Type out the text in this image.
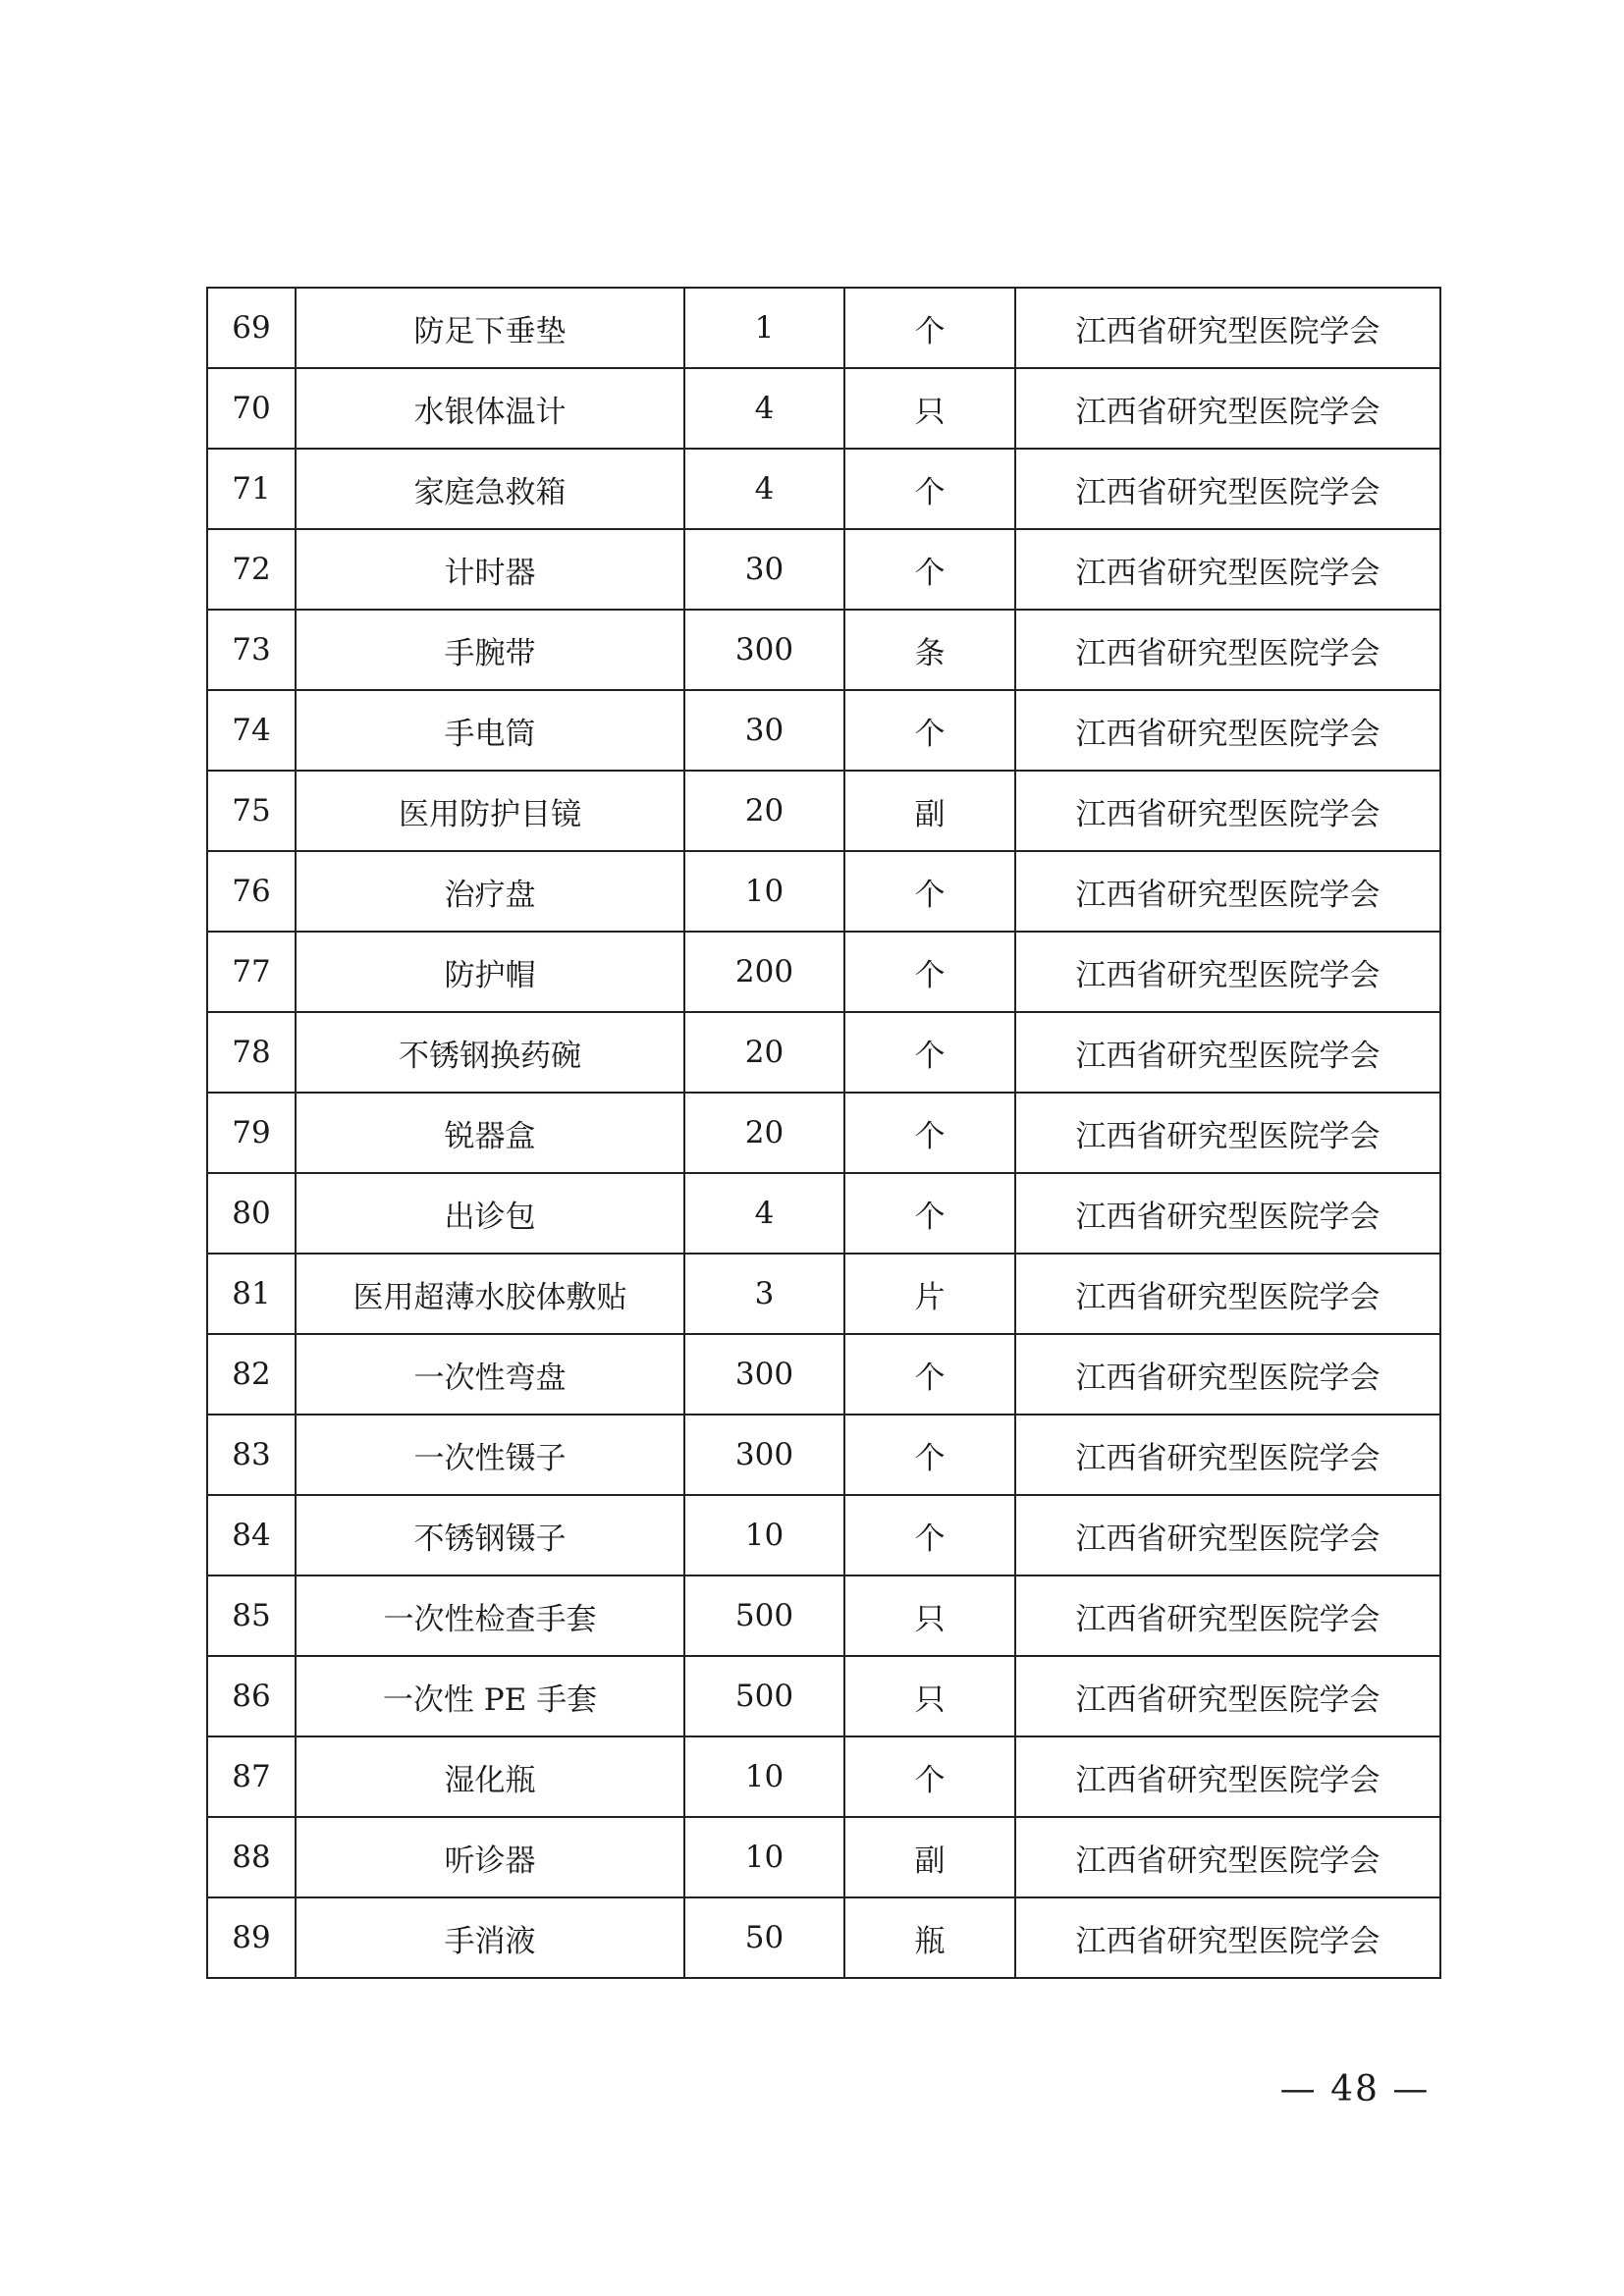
69	防足下垂垫	1	个	江西省研究型医院学会
70	水银体温计	4	只	江西省研究型医院学会
71	家庭急救箱	4	个	江西省研究型医院学会
72	计时器	30	个	江西省研究型医院学会
73	手腕带	300	条	江西省研究型医院学会
74	手电筒	30	个	江西省研究型医院学会
75	医用防护目镜	20	副	江西省研究型医院学会
76	治疗盘	10	个	江西省研究型医院学会
77	防护帽	200	个	江西省研究型医院学会
78	不锈钢换药碗	20	个	江西省研究型医院学会
79	锐器盒	20	个	江西省研究型医院学会
80	出诊包	4	个	江西省研究型医院学会
81	医用超薄水胶体敷贴	3	片	江西省研究型医院学会
82	一次性弯盘	300	个	江西省研究型医院学会
83	一次性镊子	300	个	江西省研究型医院学会
84	不锈钢镊子	10	个	江西省研究型医院学会
85	一次性检查手套	500	只	江西省研究型医院学会
86	一次性 PE 手套	500	只	江西省研究型医院学会
87	湿化瓶	10	个	江西省研究型医院学会
88	听诊器	10	副	江西省研究型医院学会
89	手消液	50	瓶	江西省研究型医院学会
— 48 —
